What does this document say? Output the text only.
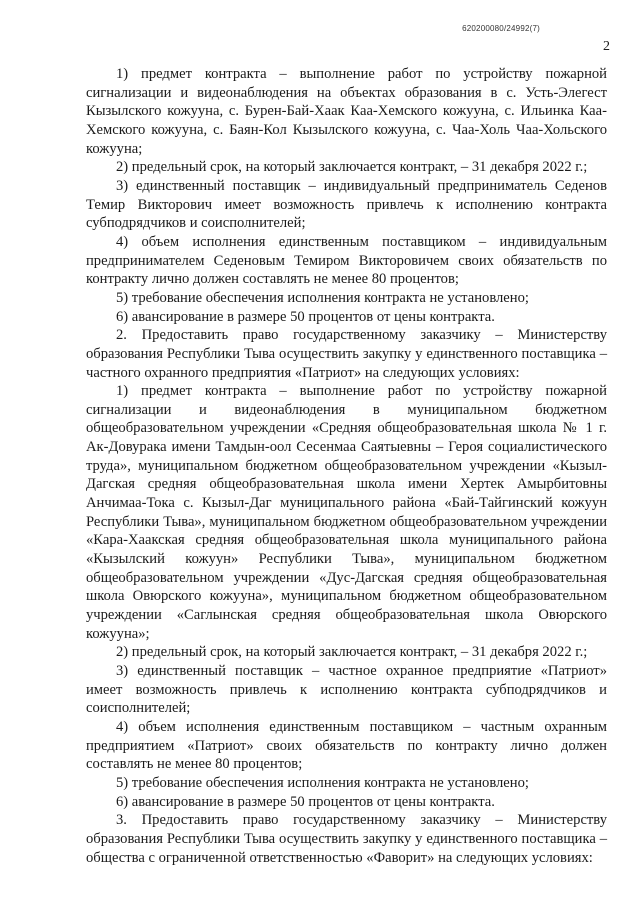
620200080/24992(7)
2

1) предмет контракта – выполнение работ по устройству пожарной сигнализации и видеонаблюдения на объектах образования в с. Усть-Элегест Кызылского кожууна, с. Бурен-Бай-Хаак Каа-Хемского кожууна, с. Ильинка Каа-Хемского кожууна, с. Баян-Кол Кызылского кожууна, с. Чаа-Холь Чаа-Хольского кожууна;

2) предельный срок, на который заключается контракт, – 31 декабря 2022 г.;

3) единственный поставщик – индивидуальный предприниматель Седенов Темир Викторович имеет возможность привлечь к исполнению контракта субподрядчиков и соисполнителей;

4) объем исполнения единственным поставщиком – индивидуальным предпринимателем Седеновым Темиром Викторовичем своих обязательств по контракту лично должен составлять не менее 80 процентов;

5) требование обеспечения исполнения контракта не установлено;

6) авансирование в размере 50 процентов от цены контракта.

2. Предоставить право государственному заказчику – Министерству образования Республики Тыва осуществить закупку у единственного поставщика – частного охранного предприятия «Патриот» на следующих условиях:

1) предмет контракта – выполнение работ по устройству пожарной сигнализации и видеонаблюдения в муниципальном бюджетном общеобразовательном учреждении «Средняя общеобразовательная школа № 1 г. Ак-Довурака имени Тамдын-оол Сесенмаа Саятыевны – Героя социалистического труда», муниципальном бюджетном общеобразовательном учреждении «Кызыл-Дагская средняя общеобразовательная школа имени Хертек Амырбитовны Анчимаа-Тока с. Кызыл-Даг муниципального района «Бай-Тайгинский кожуун Республики Тыва», муниципальном бюджетном общеобразовательном учреждении «Кара-Хаакская средняя общеобразовательная школа муниципального района «Кызылский кожуун» Республики Тыва», муниципальном бюджетном общеобразовательном учреждении «Дус-Дагская средняя общеобразовательная школа Овюрского кожууна», муниципальном бюджетном общеобразовательном учреждении «Саглынская средняя общеобразовательная школа Овюрского кожууна»;

2) предельный срок, на который заключается контракт, – 31 декабря 2022 г.;

3) единственный поставщик – частное охранное предприятие «Патриот» имеет возможность привлечь к исполнению контракта субподрядчиков и соисполнителей;

4) объем исполнения единственным поставщиком – частным охранным предприятием «Патриот» своих обязательств по контракту лично должен составлять не менее 80 процентов;

5) требование обеспечения исполнения контракта не установлено;

6) авансирование в размере 50 процентов от цены контракта.

3. Предоставить право государственному заказчику – Министерству образования Республики Тыва осуществить закупку у единственного поставщика – общества с ограниченной ответственностью «Фаворит» на следующих условиях:
